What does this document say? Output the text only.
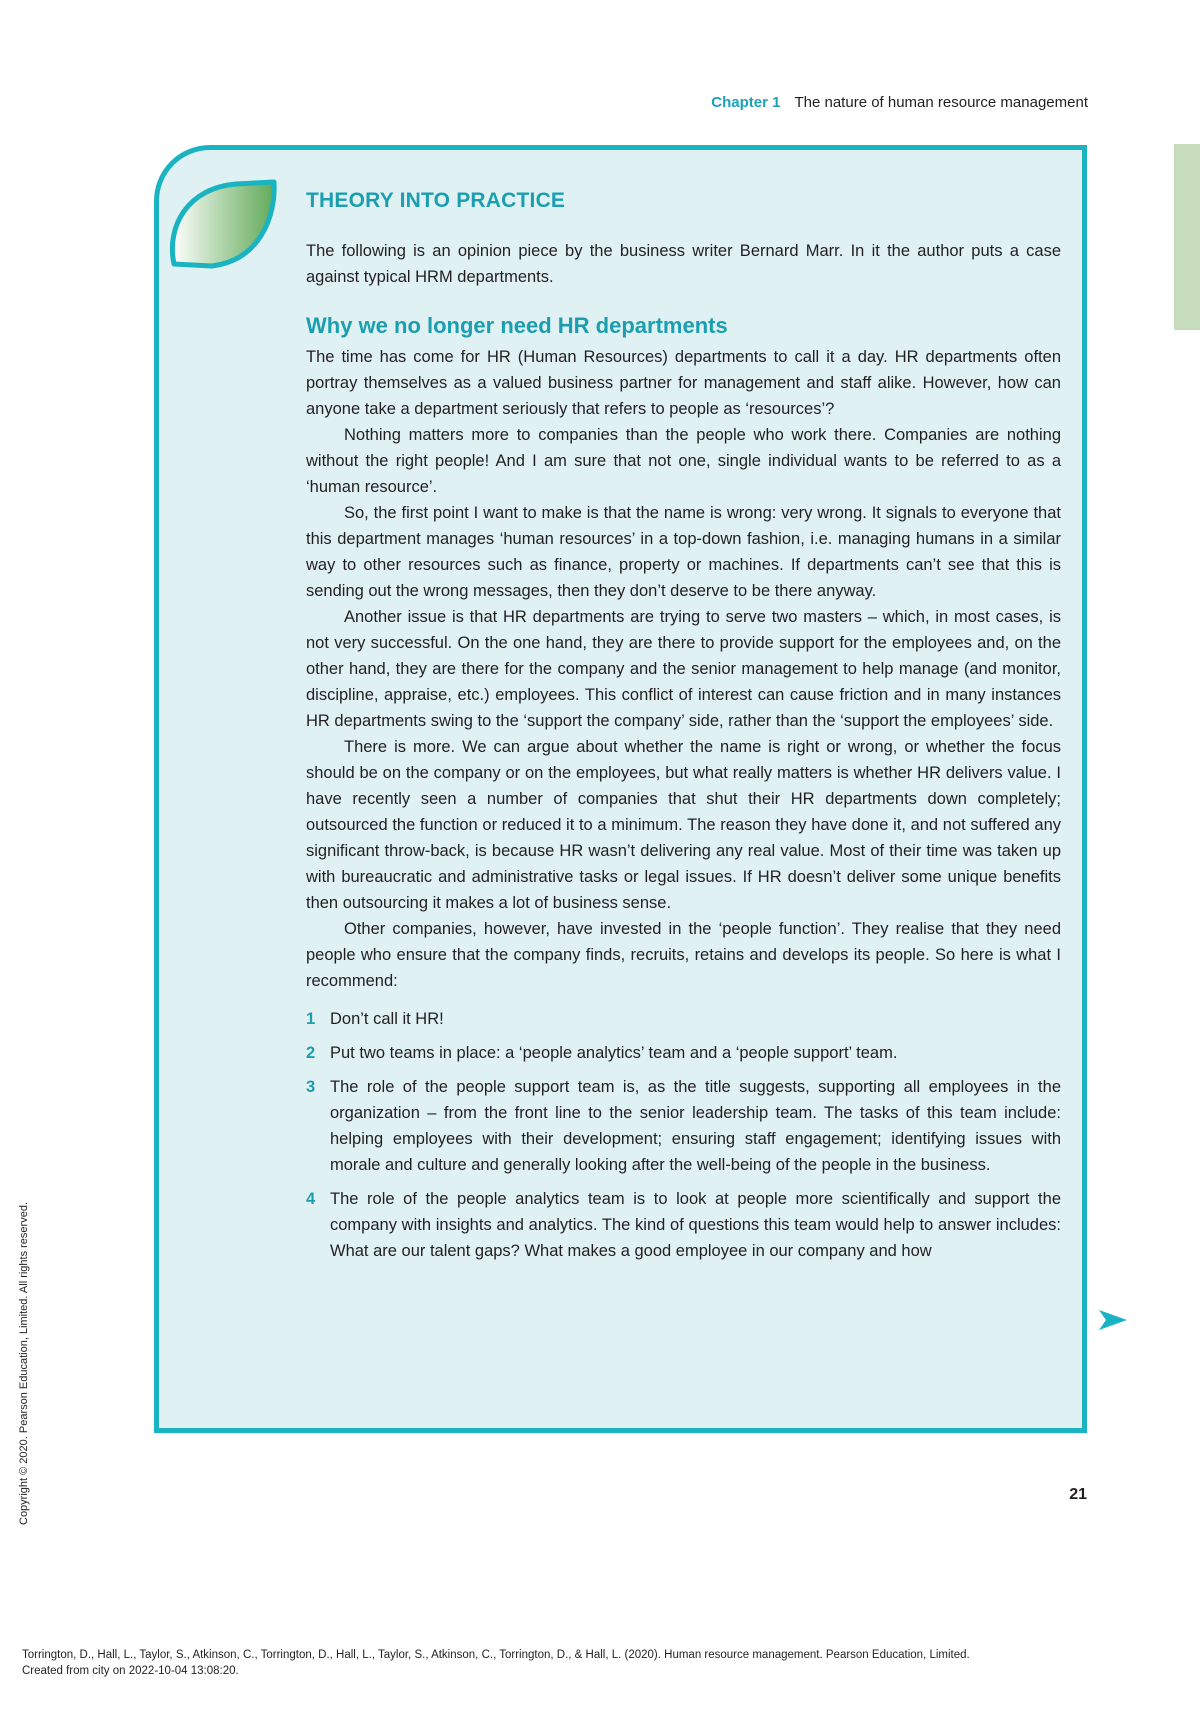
Chapter 1 The nature of human resource management
THEORY INTO PRACTICE

The following is an opinion piece by the business writer Bernard Marr. In it the author puts a case against typical HRM departments.

Why we no longer need HR departments

The time has come for HR (Human Resources) departments to call it a day. HR departments often portray themselves as a valued business partner for management and staff alike. However, how can anyone take a department seriously that refers to people as ‘resources’?

Nothing matters more to companies than the people who work there. Companies are nothing without the right people! And I am sure that not one, single individual wants to be referred to as a ‘human resource’.

So, the first point I want to make is that the name is wrong: very wrong. It signals to everyone that this department manages ‘human resources’ in a top-down fashion, i.e. managing humans in a similar way to other resources such as finance, property or machines. If departments can’t see that this is sending out the wrong messages, then they don’t deserve to be there anyway.

Another issue is that HR departments are trying to serve two masters – which, in most cases, is not very successful. On the one hand, they are there to provide support for the employees and, on the other hand, they are there for the company and the senior management to help manage (and monitor, discipline, appraise, etc.) employees. This conflict of interest can cause friction and in many instances HR departments swing to the ‘support the company’ side, rather than the ‘support the employees’ side.

There is more. We can argue about whether the name is right or wrong, or whether the focus should be on the company or on the employees, but what really matters is whether HR delivers value. I have recently seen a number of companies that shut their HR departments down completely; outsourced the function or reduced it to a minimum. The reason they have done it, and not suffered any significant throw-back, is because HR wasn’t delivering any real value. Most of their time was taken up with bureaucratic and administrative tasks or legal issues. If HR doesn’t deliver some unique benefits then outsourcing it makes a lot of business sense.

Other companies, however, have invested in the ‘people function’. They realise that they need people who ensure that the company finds, recruits, retains and develops its people. So here is what I recommend:

1 Don’t call it HR!
2 Put two teams in place: a ‘people analytics’ team and a ‘people support’ team.
3 The role of the people support team is, as the title suggests, supporting all employees in the organization – from the front line to the senior leadership team. The tasks of this team include: helping employees with their development; ensuring staff engagement; identifying issues with morale and culture and generally looking after the well-being of the people in the business.
4 The role of the people analytics team is to look at people more scientifically and support the company with insights and analytics. The kind of questions this team would help to answer includes: What are our talent gaps? What makes a good employee in our company and how
21
Copyright © 2020. Pearson Education, Limited. All rights reserved.
Torrington, D., Hall, L., Taylor, S., Atkinson, C., Torrington, D., Hall, L., Taylor, S., Atkinson, C., Torrington, D., & Hall, L. (2020). Human resource management. Pearson Education, Limited.
Created from city on 2022-10-04 13:08:20.
